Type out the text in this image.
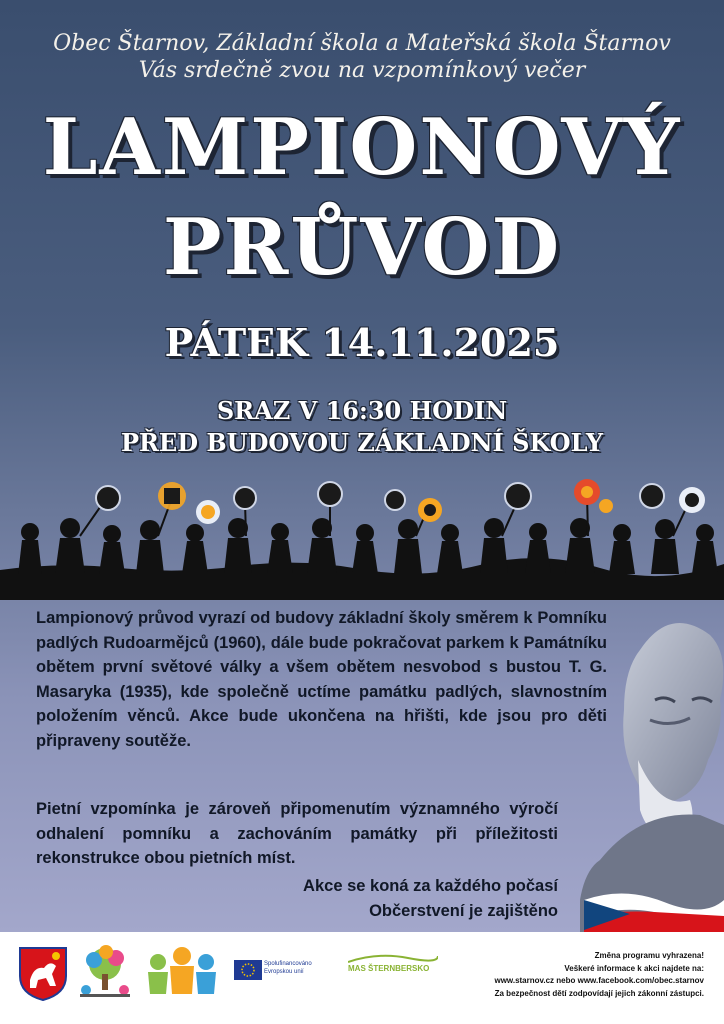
Obec Štarnov, Základní škola a Mateřská škola Štarnov
Vás srdečně zvou na vzpomínkový večer
LAMPIONOVÝ
PRŮVOD
PÁTEK 14.11.2025
SRAZ V 16:30 HODIN
PŘED BUDOVOU ZÁKLADNÍ ŠKOLY
Lampionový průvod vyrazí od budovy základní školy směrem k Pomníku padlých Rudoarmějců (1960), dále bude pokračovat parkem k Památníku obětem první světové války a všem obětem nesvobod s bustou T. G. Masaryka (1935), kde společně uctíme památku padlých, slavnostním položením věnců. Akce bude ukončena na hřišti, kde jsou pro děti připraveny soutěže.
Pietní vzpomínka je zároveň připomenutím významného výročí odhalení pomníku a zachováním památky při příležitosti rekonstrukce obou pietních míst.
Akce se koná za každého počasí
Občerstvení je zajištěno
Spolufinancováno
Evropskou unií	MAS ŠTERNBERSKO
Změna programu vyhrazena!
Veškeré informace k akci najdete na:
www.starnov.cz nebo www.facebook.com/obec.starnov
Za bezpečnost dětí zodpovídají jejich zákonní zástupci.
